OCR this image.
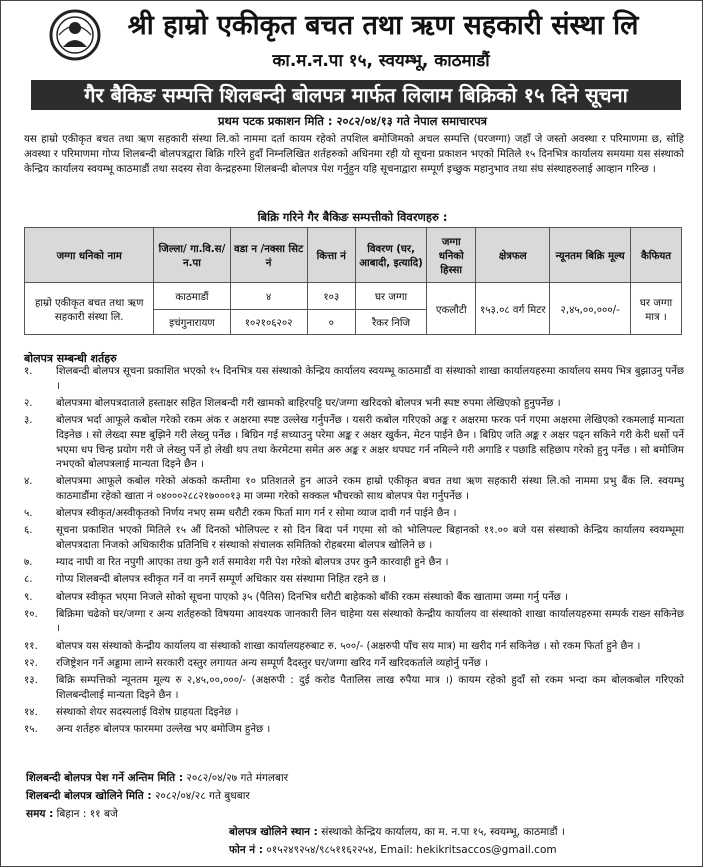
श्री हाम्रो एकीकृत बचत तथा ऋण सहकारी संस्था लि
का.म.न.पा १५, स्वयम्भू, काठमाडौं
गैर बैकिङ सम्पत्ति शिलबन्दी बोलपत्र मार्फत लिलाम बिक्रिको १५ दिने सूचना
प्रथम पटक प्रकाशन मिति : २०८२/०४/१३ गते नेपाल समाचारपत्र
यस हाम्रो एकीकृत बचत तथा ऋण सहकारी संस्था लि.को नाममा दर्ता कायम रहेको तपशिल बमोजिमको अचल सम्पत्ति (घरजग्गा) जहाँ जे जस्तो अवस्था र परिमाणमा छ, सोहि अवस्था र परिमाणमा गोप्य शिलबन्दी बोलपत्रद्वारा बिक्रि गरिने हुदाँ निम्नलिखित शर्तहरुको अधिनमा रही यो सूचना प्रकाशन भएको मितिले १५ दिनभित्र कार्यालय समयमा यस संस्थाको केन्द्रिय कार्यालय स्वयम्भू काठमाडौं तथा सदस्य सेवा केन्द्रहरुमा शिलबन्दी बोलपत्र पेश गर्नुहुन यहि सूचनाद्वारा सम्पूर्ण इच्छुक महानुभाव तथा संघ संस्थाहरुलाई आव्हान गरिन्छ ।
बिक्रि गरिने गैर बैकिङ सम्पत्तीको विवरणहरु :
जग्गा धनिको नाम	जिल्ला/ गा.वि.स/न.पा	वडा न /नक्सा सिट नं	कित्ता नं	विवरण (घर, आबादी, इत्यादि)	जग्गा धनिको हिस्सा	क्षेत्रफल	न्यूनतम बिक्रि मूल्य	कैफियत
हाम्रो एकीकृत बचत तथा ऋण सहकारी संस्था लि.	काठमाडौं	४	१०३	घर जग्गा	एकलौटी	१५३.०८ वर्ग मिटर	२,४५,००,०००/-	घर जग्गा मात्र ।
	इचंगुनारायण	१०२१०६२०२	०	रैकर निजि				
बोलपत्र सम्बन्धी शर्तहरु
१. शिलबन्दी बोलपत्र सूचना प्रकाशित भएको १५ दिनभित्र यस संस्थाको केन्द्रिय कार्यालय स्वयम्भू काठमाडौं वा संस्थाको शाखा कार्यालयहरुमा कार्यालय समय भित्र बुझाउनु पर्नेछ ।
२. बोलपत्रमा बोलपत्रदाताले हस्ताक्षर सहित शिलबन्दी गरी खामको बाहिरपट्टि घर/जग्गा खरिदको बोलपत्र भनी स्पष्ट रुपमा लेखिएको हुनुपर्नेछ ।
३. बोलपत्र भर्दा आफूले कबोल गरेको रकम अंक र अक्षरमा स्पष्ट उल्लेख गर्नुपर्नेछ । यसरी कबोल गरिएको अङ्क र अक्षरमा फरक पर्न गएमा अक्षरमा लेखिएको रकमलाई मान्यता दिइनेछ । सो लेख्दा स्पष्ट बुझिने गरी लेख्नु पर्नेछ । बिग्रिन गई सच्याउनु परेमा अङ्क र अक्षर खुर्कन, मेटन पाईने छैन । बिग्रिए जति अङ्क र अक्षर पढ्न सकिने गरी केरी धर्सो पर्ने भएमा धप चिन्ह प्रयोग गरी जे लेख्नु पर्ने हो लेखी थप तथा केरमेटमा समेत अरु अङ्क र अक्षर थपघट गर्न नमिल्ने गरी अगाडि र पछाडि सहिछाप गरेको हुनु पर्नेछ । सो बमोजिम नभएको बोलपत्रलाई मान्यता दिइने छैन ।
४. बोलपत्रमा आफूले कबोल गरेको अंकको कम्तीमा १० प्रतिशतले हुन आउने रकम हाम्रो एकीकृत बचत तथा ऋण सहकारी संस्था लि.को नाममा प्रभु बैंक लि. स्वयम्भु काठमाडौंमा रहेको खाता नं ०४०००२८८२१७०००१३ मा जम्मा गरेको सक्कल भौचरको साथ बोलपत्र पेश गर्नुपर्नेछ ।
५. बोलपत्र स्वीकृत/अस्वीकृतको निर्णय नभए सम्म धरौटी रकम फिर्ता माग गर्न र सोमा व्याज दावी गर्न पाईने छैन ।
६. सूचना प्रकाशित भएको मितिले १५ औं दिनको भोलिपल्ट र सो दिन बिदा पर्न गएमा सो को भोलिपल्ट बिहानको ११.०० बजे यस संस्थाको केन्द्रिय कार्यालय स्वयम्भूमा बोलपत्रदाता निजको अधिकारीक प्रतिनिधि र संस्थाको संचालक समितिको रोहबरमा बोलपत्र खोलिने छ ।
७. म्याद नाघी वा रित नपुगी आएका तथा कुनै शर्त समावेश गरी पेश गरेको बोलपत्र उपर कुनै कारवाही हुने छैन ।
८. गोप्य शिलबन्दी बोलपत्र स्वीकृत गर्ने वा नगर्ने सम्पूर्ण अधिकार यस संस्थामा निहित रहने छ ।
९. बोलपत्र स्वीकृत भएमा निजले सोको सूचना पाएको ३५ (पैतिस) दिनभित्र धरौटी बाहेकको बाँकी रकम संस्थाको बैंक खातामा जम्मा गर्नु पर्नेछ ।
१०. बिक्रिमा चढेको घर/जग्गा र अन्य शर्तहरुको विषयमा आवश्यक जानकारी लिन चाहेमा यस संस्थाको केन्द्रीय कार्यालय वा संस्थाको शाखा कार्यालयहरुमा सम्पर्क राख्न सकिनेछ ।
११. बोलपत्र यस संस्थाको केन्द्रीय कार्यालय वा संस्थाको शाखा कार्यालयहरुबाट रु. ५००/- (अक्षरुपी पाँच सय मात्र) मा खरीद गर्न सकिनेछ । सो रकम फिर्ता हुने छैन ।
१२. रजिष्ट्रेशन गर्ने अड्डामा लाग्ने सरकारी दस्तुर लगायत अन्य सम्पूर्ण दैदस्तुर घर/जग्गा खरिद गर्ने खरिदकर्ताले व्यहोर्नु पर्नेछ ।
१३. बिक्रि सम्पत्तिको न्यूनतम मूल्य रु २,४५,००,०००/- (अक्षरुपी : दुई करोड पैतालिस लाख रुपैया मात्र ।) कायम रहेको हुदाँ सो रकम भन्दा कम बोलकबोल गरिएको शिलबन्दीलाई मान्यता दिइने छैन ।
१४. संस्थाको शेयर सदस्यलाई विशेष ग्राहयता दिइनेछ ।
१५. अन्य शर्तहरु बोलपत्र फारममा उल्लेख भए बमोजिम हुनेछ ।
शिलबन्दी बोलपत्र पेश गर्ने अन्तिम मिति : २०८२/०४/२७ गते मंगलबार
शिलबन्दी बोलपत्र खोलिने मिति : २०८२/०४/२८ गते बुधबार
समय : बिहान : ११ बजे
बोलपत्र खोलिने स्थान : संस्थाको केन्द्रिय कार्यालय, का म. न.पा १५, स्वयम्भू, काठमाडौं ।
फोन नं : ०१५२४९२५४/९८५११६२२५४, Email: hekikritsaccos@gmail.com
